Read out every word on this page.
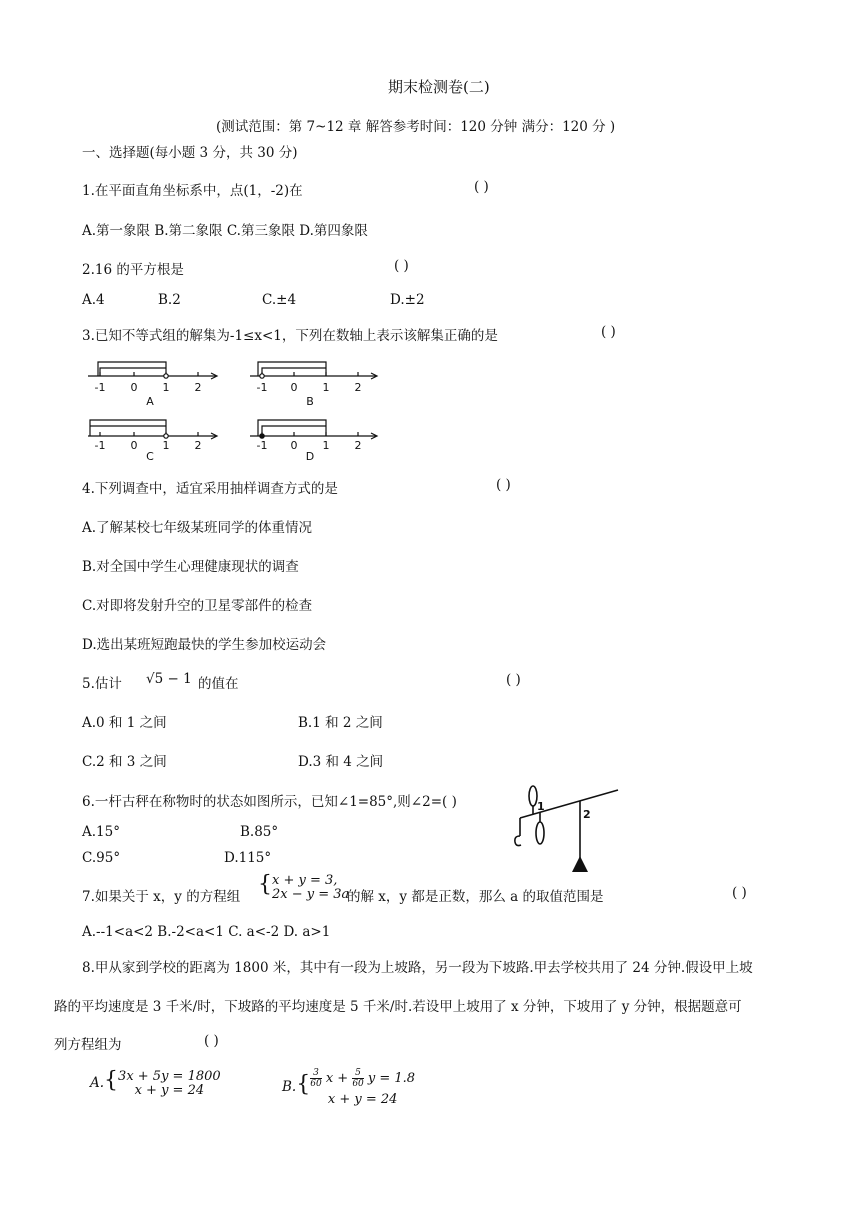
期末检测卷(二)
(测试范围：第 7~12 章 解答参考时间：120 分钟 满分：120 分 )
一、选择题(每小题 3 分，共 30 分)
1.在平面直角坐标系中，点(1，-2)在	( )
A.第一象限 B.第二象限 C.第三象限 D.第四象限
2.16 的平方根是	( )
A.4	B.2	C.±4	D.±2
3.已知不等式组的解集为-1≤x<1，下列在数轴上表示该解集正确的是	( )
-1 0 1 2
A
-1 0 1 2
B
-1 0 1 2
C
-1 0 1 2
D
4.下列调查中，适宜采用抽样调查方式的是	( )
A.了解某校七年级某班同学的体重情况
B.对全国中学生心理健康现状的调查
C.对即将发射升空的卫星零部件的检查
D.选出某班短跑最快的学生参加校运动会
5.估计 √5 − 1 的值在	( )
A.0 和 1 之间	B.1 和 2 之间
C.2 和 3 之间	D.3 和 4 之间
6.一杆古秤在称物时的状态如图所示，已知∠1=85°,则∠2=( )
A.15°	B.85°
C.95°	D.115°
1
2
7.如果关于 x，y 的方程组 { x + y = 3,
2x − y = 3a
的解 x，y 都是正数，那么 a 的取值范围是	( )
A.--1<a<2 B.-2<a<1 C. a<-2 D. a>1
8.甲从家到学校的距离为 1800 米，其中有一段为上坡路，另一段为下坡路.甲去学校共用了 24 分钟.假设甲上坡
路的平均速度是 3 千米/时，下坡路的平均速度是 5 千米/时.若设甲上坡用了 x 分钟，下坡用了 y 分钟，根据题意可
列方程组为	( )
A.{ 3x + 5y = 1800
x + y = 24	$B.\{ \frac{3}{60}$ $x + \frac{5}{60}$ y = 1.8
x + y = 24
